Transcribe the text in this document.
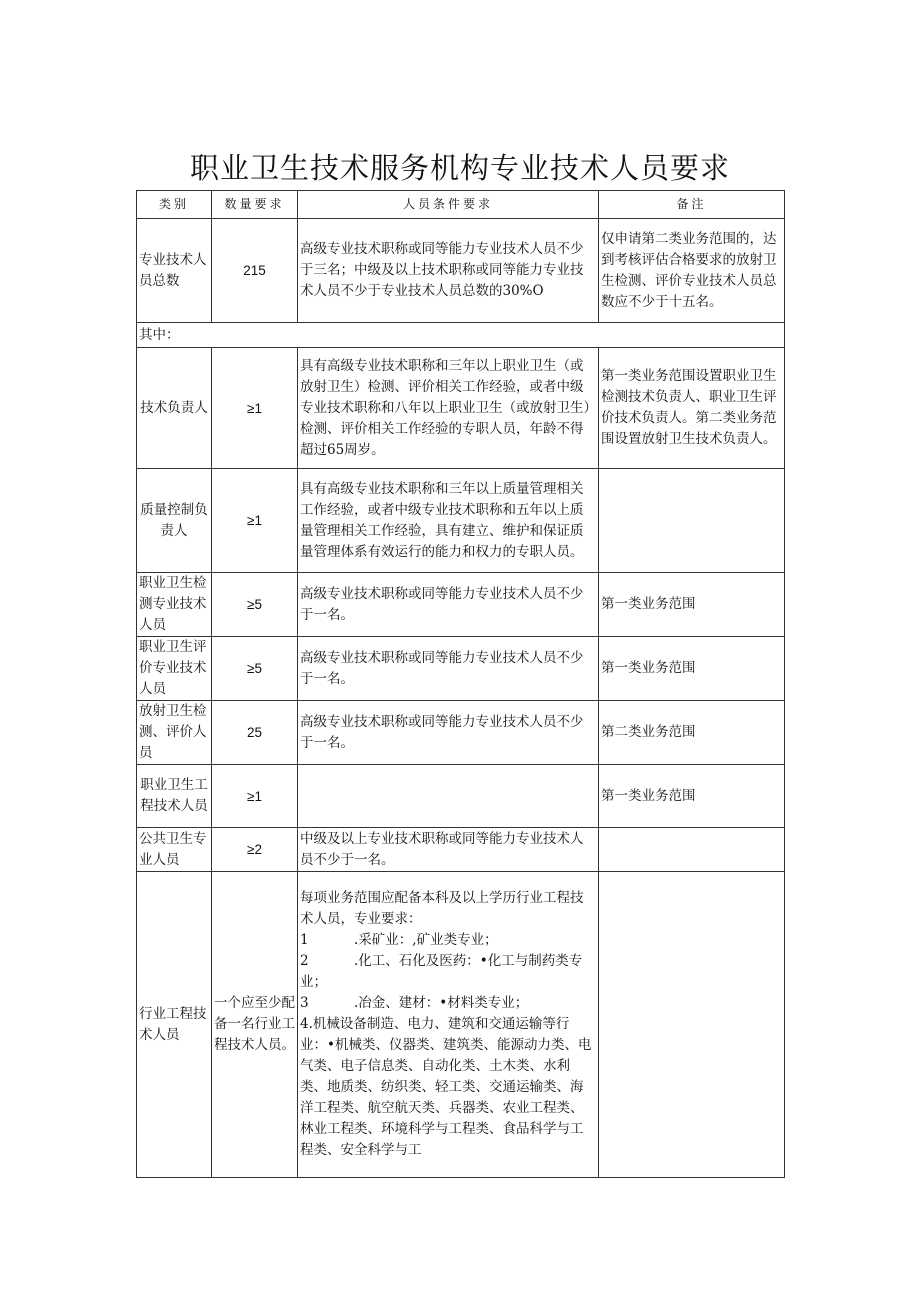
职业卫生技术服务机构专业技术人员要求
类别	数量要求	人员条件要求	备注
专业技术人员总数	215	高级专业技术职称或同等能力专业技术人员不少于三名；中级及以上技术职称或同等能力专业技术人员不少于专业技术人员总数的30%O	仅申请第二类业务范围的，达到考核评估合格要求的放射卫生检测、评价专业技术人员总数应不少于十五名。
其中：			
技术负责人	≥1	具有高级专业技术职称和三年以上职业卫生（或放射卫生）检测、评价相关工作经验，或者中级专业技术职称和八年以上职业卫生（或放射卫生）检测、评价相关工作经验的专职人员，年龄不得超过65周岁。	第一类业务范围设置职业卫生检测技术负责人、职业卫生评价技术负责人。第二类业务范围设置放射卫生技术负责人。
质量控制负责人	≥1	具有高级专业技术职称和三年以上质量管理相关工作经验，或者中级专业技术职称和五年以上质量管理相关工作经验，具有建立、维护和保证质量管理体系有效运行的能力和权力的专职人员。	
职业卫生检测专业技术人员	≥5	高级专业技术职称或同等能力专业技术人员不少于一名。	第一类业务范围
职业卫生评价专业技术人员	≥5	高级专业技术职称或同等能力专业技术人员不少于一名。	第一类业务范围
放射卫生检测、评价人员	25	高级专业技术职称或同等能力专业技术人员不少于一名。	第二类业务范围
职业卫生工程技术人员	≥1		第一类业务范围
公共卫生专业人员	≥2	中级及以上专业技术职称或同等能力专业技术人员不少于一名。	
行业工程技术人员	一个应至少配备一名行业工程技术人员。	每项业务范围应配备本科及以上学历行业工程技术人员，专业要求：
1 .采矿业：,矿业类专业；
2 .化工、石化及医药：•化工与制药类专业；
3 .冶金、建材：•材料类专业；
4.机械设备制造、电力、建筑和交通运输等行业：•机械类、仪器类、建筑类、能源动力类、电气类、电子信息类、自动化类、土木类、水利类、地质类、纺织类、轻工类、交通运输类、海洋工程类、航空航天类、兵器类、农业工程类、林业工程类、环境科学与工程类、食品科学与工程类、安全科学与工	
